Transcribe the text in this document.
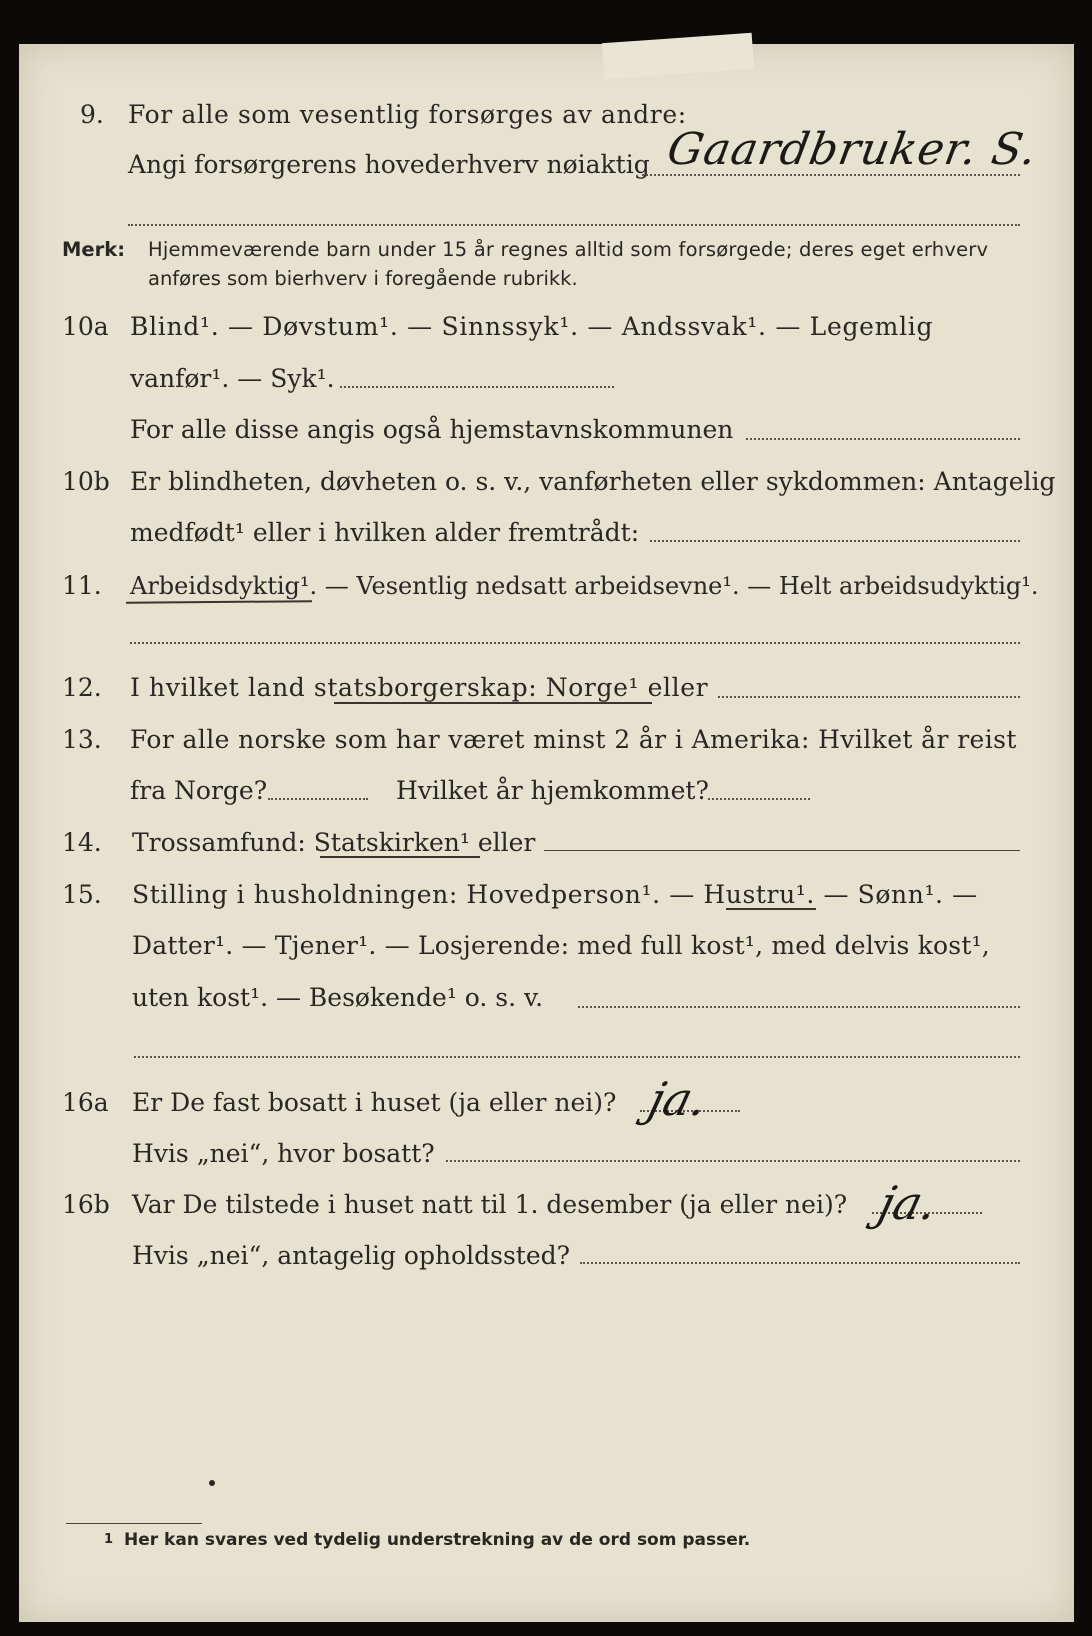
9. For alle som vesentlig forsørges av andre:
Angi forsørgerens hovederhverv nøiaktig Gaardbruker. S.
Merk: Hjemmeværende barn under 15 år regnes alltid som forsørgede; deres eget erhverv
anføres som bierhverv i foregående rubrikk.
10a Blind¹. — Døvstum¹. — Sinnssyk¹. — Andssvak¹. — Legemlig
vanfør¹. — Syk¹.
For alle disse angis også hjemstavnskommunen
10b Er blindheten, døvheten o. s. v., vanførheten eller sykdommen: Antagelig
medfødt¹ eller i hvilken alder fremtrådt:
11. Arbeidsdyktig¹. — Vesentlig nedsatt arbeidsevne¹. — Helt arbeidsudyktig¹.
12. I hvilket land statsborgerskap: Norge¹ eller
13. For alle norske som har været minst 2 år i Amerika: Hvilket år reist
fra Norge?	Hvilket år hjemkommet?
14. Trossamfund: Statskirken¹ eller
15. Stilling i husholdningen: Hovedperson¹. — Hustru¹. — Sønn¹. —
Datter¹. — Tjener¹. — Losjerende: med full kost¹, med delvis kost¹,
uten kost¹. — Besøkende¹ o. s. v.
16a Er De fast bosatt i huset (ja eller nei)? ja.
Hvis „nei“, hvor bosatt?
16b Var De tilstede i huset natt til 1. desember (ja eller nei)? ja.
Hvis „nei“, antagelig opholdssted?
1 Her kan svares ved tydelig understrekning av de ord som passer.
